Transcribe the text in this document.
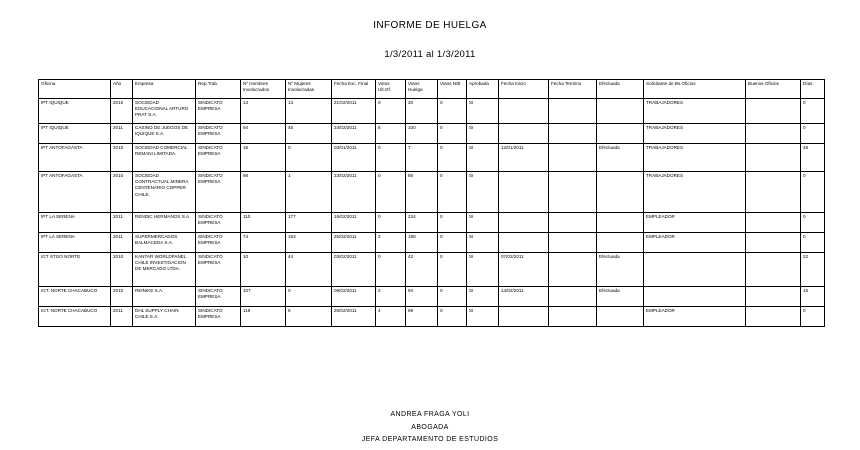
INFORME DE HUELGA
1/3/2011 al 1/3/2011
Oficina	Año	Empresa	Rep.Trab.	Nº Hombres Involucrados	Nº Mujeres Involucradas	Fecha Exc. Final	Votos Ult.Of.	Votos Huelga	Votos N/B	Aprobada	Fecha Inicio	Fecha Termino	Efectuada	Solicitante de Bs.Oficios	Buenos Oficios	Días
IPT IQUIQUE	2010	SOCIEDAD EDUCACIONAL ARTURO PRAT S.A.	SINDICATO EMPRESA	13	13	21/02/2011	0	20	0	SI				TRABAJADORES		0
IPT IQUIQUE	2011	CASINO DE JUEGOS DE IQUIQUE S.A.	SINDICATO EMPRESA	94	45	24/02/2011	8	100	0	SI				TRABAJADORES		0
IPT ANTOFAGASTA	2010	SOCIEDAD COMERCIAL REMANI LIMITADA.	SINDICATO EMPRESA	18	0	03/01/2011	0	7	0	SI	12/01/2011		Efectuada	TRABAJADORES		48
IPT ANTOFAGASTA	2010	SOCIEDAD CONTRACTUAL MINERA CENTENARIO COPPER CHILE.	SINDICATO EMPRESA	98	1	23/02/2011	0	86	0	SI				TRABAJADORES		0
IPT LA SERENA	2011	RENDIC HERMANOS S.A.	SINDICATO EMPRESA	110	177	16/02/2011	0	224	0	SI				EMPLEADOR		0
IPT LA SERENA	2011	SUPERMERCADOS BALMACEDA S.A.	SINDICATO EMPRESA	74	153	25/02/2011	2	188	0	SI				EMPLEADOR		0
IGT STGO NORTE	2010	KANTAR WORLDPANEL CHILE INVESTIGACION DE MERCADO LTDA.	SINDICATO EMPRESA	10	44	03/02/2011	0	42	0	SI	07/02/2011		Efectuada			22
IGT. NORTE CHACABUCO	2010	REINIKE S.A.	SINDICATO EMPRESA	107	0	09/02/2011	2	94	0	SI	14/02/2011		Efectuada			15
IGT. NORTE CHACABUCO	2011	DHL SUPPLY CHAIN CHILE S.A.	SINDICATO EMPRESA	118	8	28/02/2011	4	89	0	SI				EMPLEADOR		0
ANDREA FRAGA YOLI
ABOGADA
JEFA DEPARTAMENTO DE ESTUDIOS
